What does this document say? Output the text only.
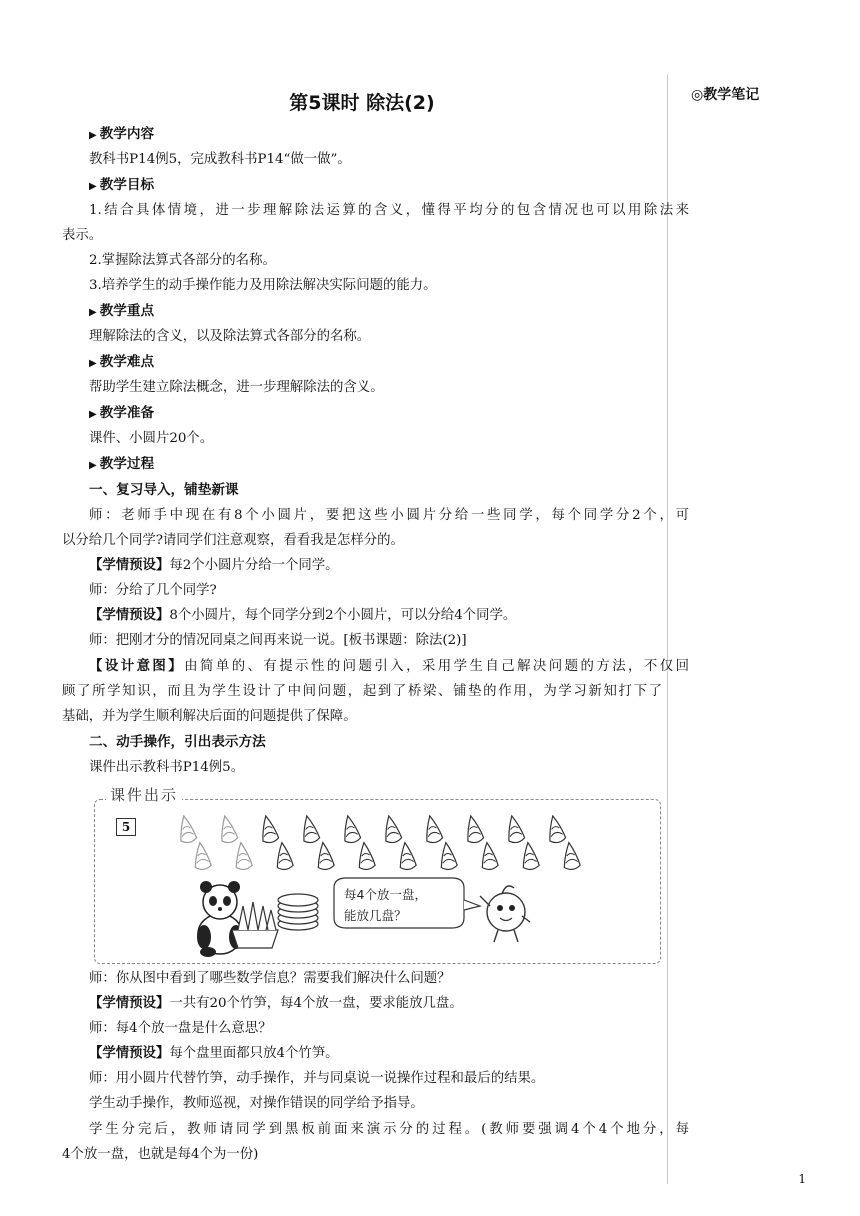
◎教学笔记
1
第5课时 除法(2)
▶ 教学内容
教科书P14例5，完成教科书P14“做一做”。
▶ 教学目标
1.结合具体情境，进一步理解除法运算的含义，懂得平均分的包含情况也可以用除法来
表示。
2.掌握除法算式各部分的名称。
3.培养学生的动手操作能力及用除法解决实际问题的能力。
▶ 教学重点
理解除法的含义，以及除法算式各部分的名称。
▶ 教学难点
帮助学生建立除法概念，进一步理解除法的含义。
▶ 教学准备
课件、小圆片20个。
▶ 教学过程
一、复习导入，铺垫新课
师：老师手中现在有8个小圆片，要把这些小圆片分给一些同学，每个同学分2个，可
以分给几个同学?请同学们注意观察，看看我是怎样分的。
【学情预设】每2个小圆片分给一个同学。
师：分给了几个同学?
【学情预设】8个小圆片，每个同学分到2个小圆片，可以分给4个同学。
师：把刚才分的情况同桌之间再来说一说。[板书课题：除法(2)]
【设计意图】由简单的、有提示性的问题引入，采用学生自己解决问题的方法，不仅回
顾了所学知识，而且为学生设计了中间问题，起到了桥梁、铺垫的作用，为学习新知打下了
基础，并为学生顺利解决后面的问题提供了保障。
二、动手操作，引出表示方法
课件出示教科书P14例5。
师：你从图中看到了哪些数学信息？需要我们解决什么问题？
【学情预设】一共有20个竹笋，每4个放一盘，要求能放几盘。
师：每4个放一盘是什么意思？
【学情预设】每个盘里面都只放4个竹笋。
师：用小圆片代替竹笋，动手操作，并与同桌说一说操作过程和最后的结果。
学生动手操作，教师巡视，对操作错误的同学给予指导。
学生分完后，教师请同学到黑板前面来演示分的过程。(教师要强调4个4个地分，每
4个放一盘，也就是每4个为一份)
课件出示
5
每4个放一盘，
能放几盘？
